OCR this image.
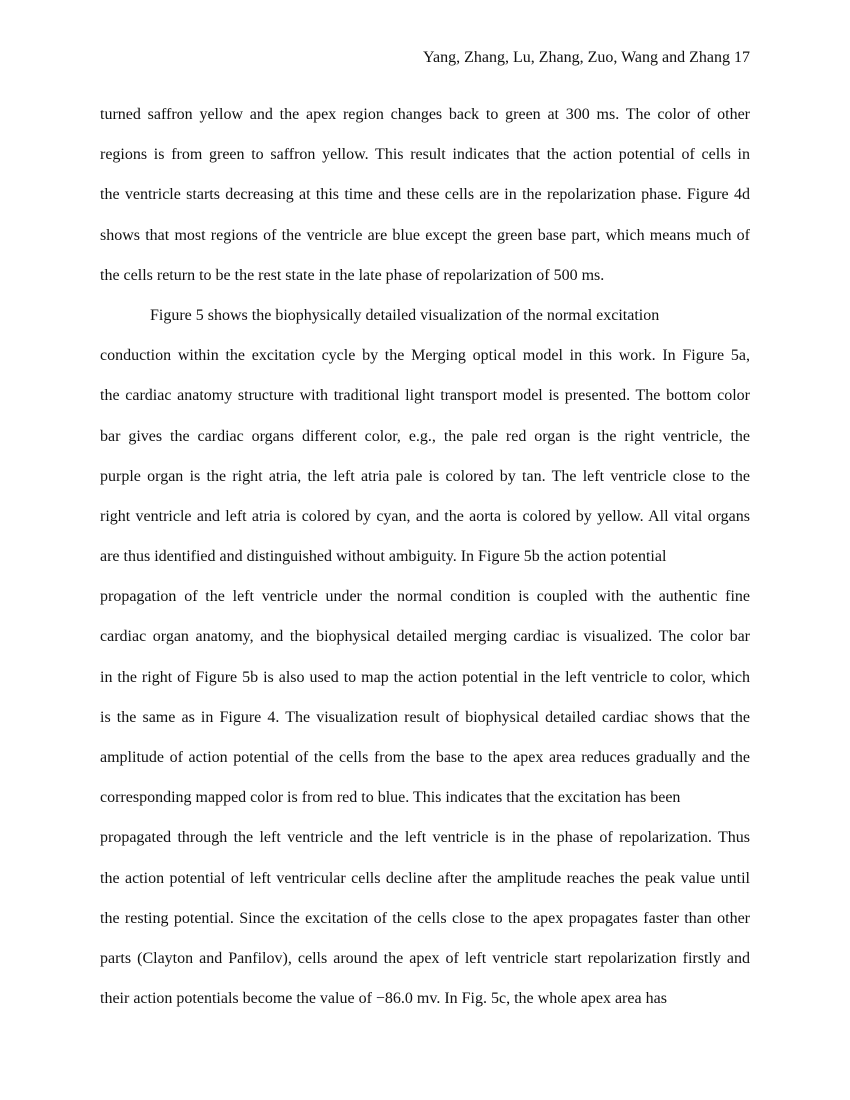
Yang, Zhang, Lu, Zhang, Zuo, Wang and Zhang 17
turned saffron yellow and the apex region changes back to green at 300 ms. The color of other
regions is from green to saffron yellow. This result indicates that the action potential of cells in
the ventricle starts decreasing at this time and these cells are in the repolarization phase. Figure 4d
shows that most regions of the ventricle are blue except the green base part, which means much of
the cells return to be the rest state in the late phase of repolarization of 500 ms.
Figure 5 shows the biophysically detailed visualization of the normal excitation
conduction within the excitation cycle by the Merging optical model in this work. In Figure 5a,
the cardiac anatomy structure with traditional light transport model is presented. The bottom color
bar gives the cardiac organs different color, e.g., the pale red organ is the right ventricle, the
purple organ is the right atria, the left atria pale is colored by tan. The left ventricle close to the
right ventricle and left atria is colored by cyan, and the aorta is colored by yellow. All vital organs
are thus identified and distinguished without ambiguity. In Figure 5b the action potential
propagation of the left ventricle under the normal condition is coupled with the authentic fine
cardiac organ anatomy, and the biophysical detailed merging cardiac is visualized. The color bar
in the right of Figure 5b is also used to map the action potential in the left ventricle to color, which
is the same as in Figure 4. The visualization result of biophysical detailed cardiac shows that the
amplitude of action potential of the cells from the base to the apex area reduces gradually and the
corresponding mapped color is from red to blue. This indicates that the excitation has been
propagated through the left ventricle and the left ventricle is in the phase of repolarization. Thus
the action potential of left ventricular cells decline after the amplitude reaches the peak value until
the resting potential. Since the excitation of the cells close to the apex propagates faster than other
parts (Clayton and Panfilov), cells around the apex of left ventricle start repolarization firstly and
their action potentials become the value of −86.0 mv. In Fig. 5c, the whole apex area has
